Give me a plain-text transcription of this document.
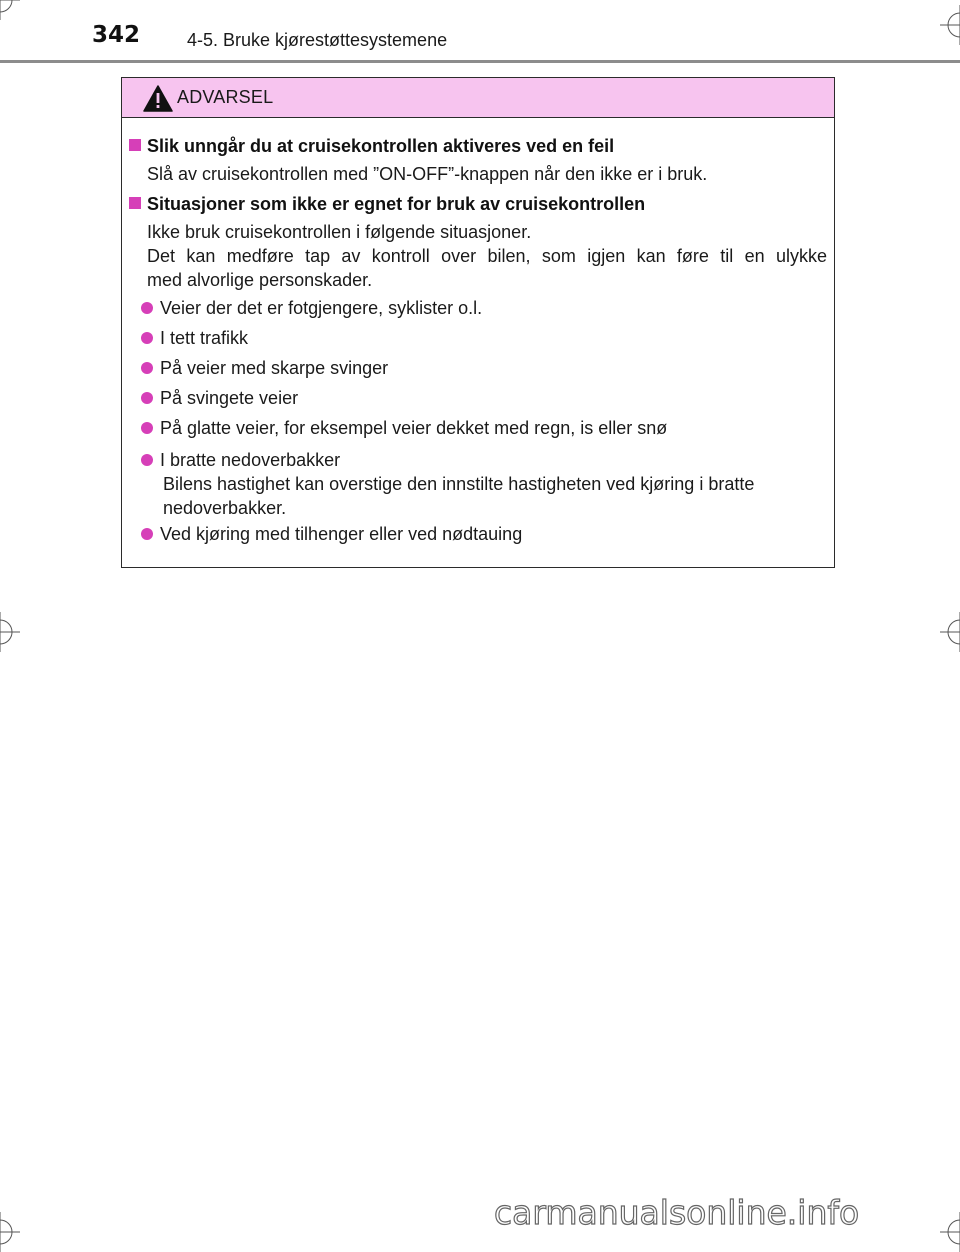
342	4-5. Bruke kjørestøttesystemene
ADVARSEL
Slik unngår du at cruisekontrollen aktiveres ved en feil
Slå av cruisekontrollen med ”ON-OFF”-knappen når den ikke er i bruk.
Situasjoner som ikke er egnet for bruk av cruisekontrollen
Ikke bruk cruisekontrollen i følgende situasjoner.
Det kan medføre tap av kontroll over bilen, som igjen kan føre til en ulykke
med alvorlige personskader.
Veier der det er fotgjengere, syklister o.l.
I tett trafikk
På veier med skarpe svinger
På svingete veier
På glatte veier, for eksempel veier dekket med regn, is eller snø
I bratte nedoverbakker
Bilens hastighet kan overstige den innstilte hastigheten ved kjøring i bratte
nedoverbakker.
Ved kjøring med tilhenger eller ved nødtauing
carmanualsonline.info
